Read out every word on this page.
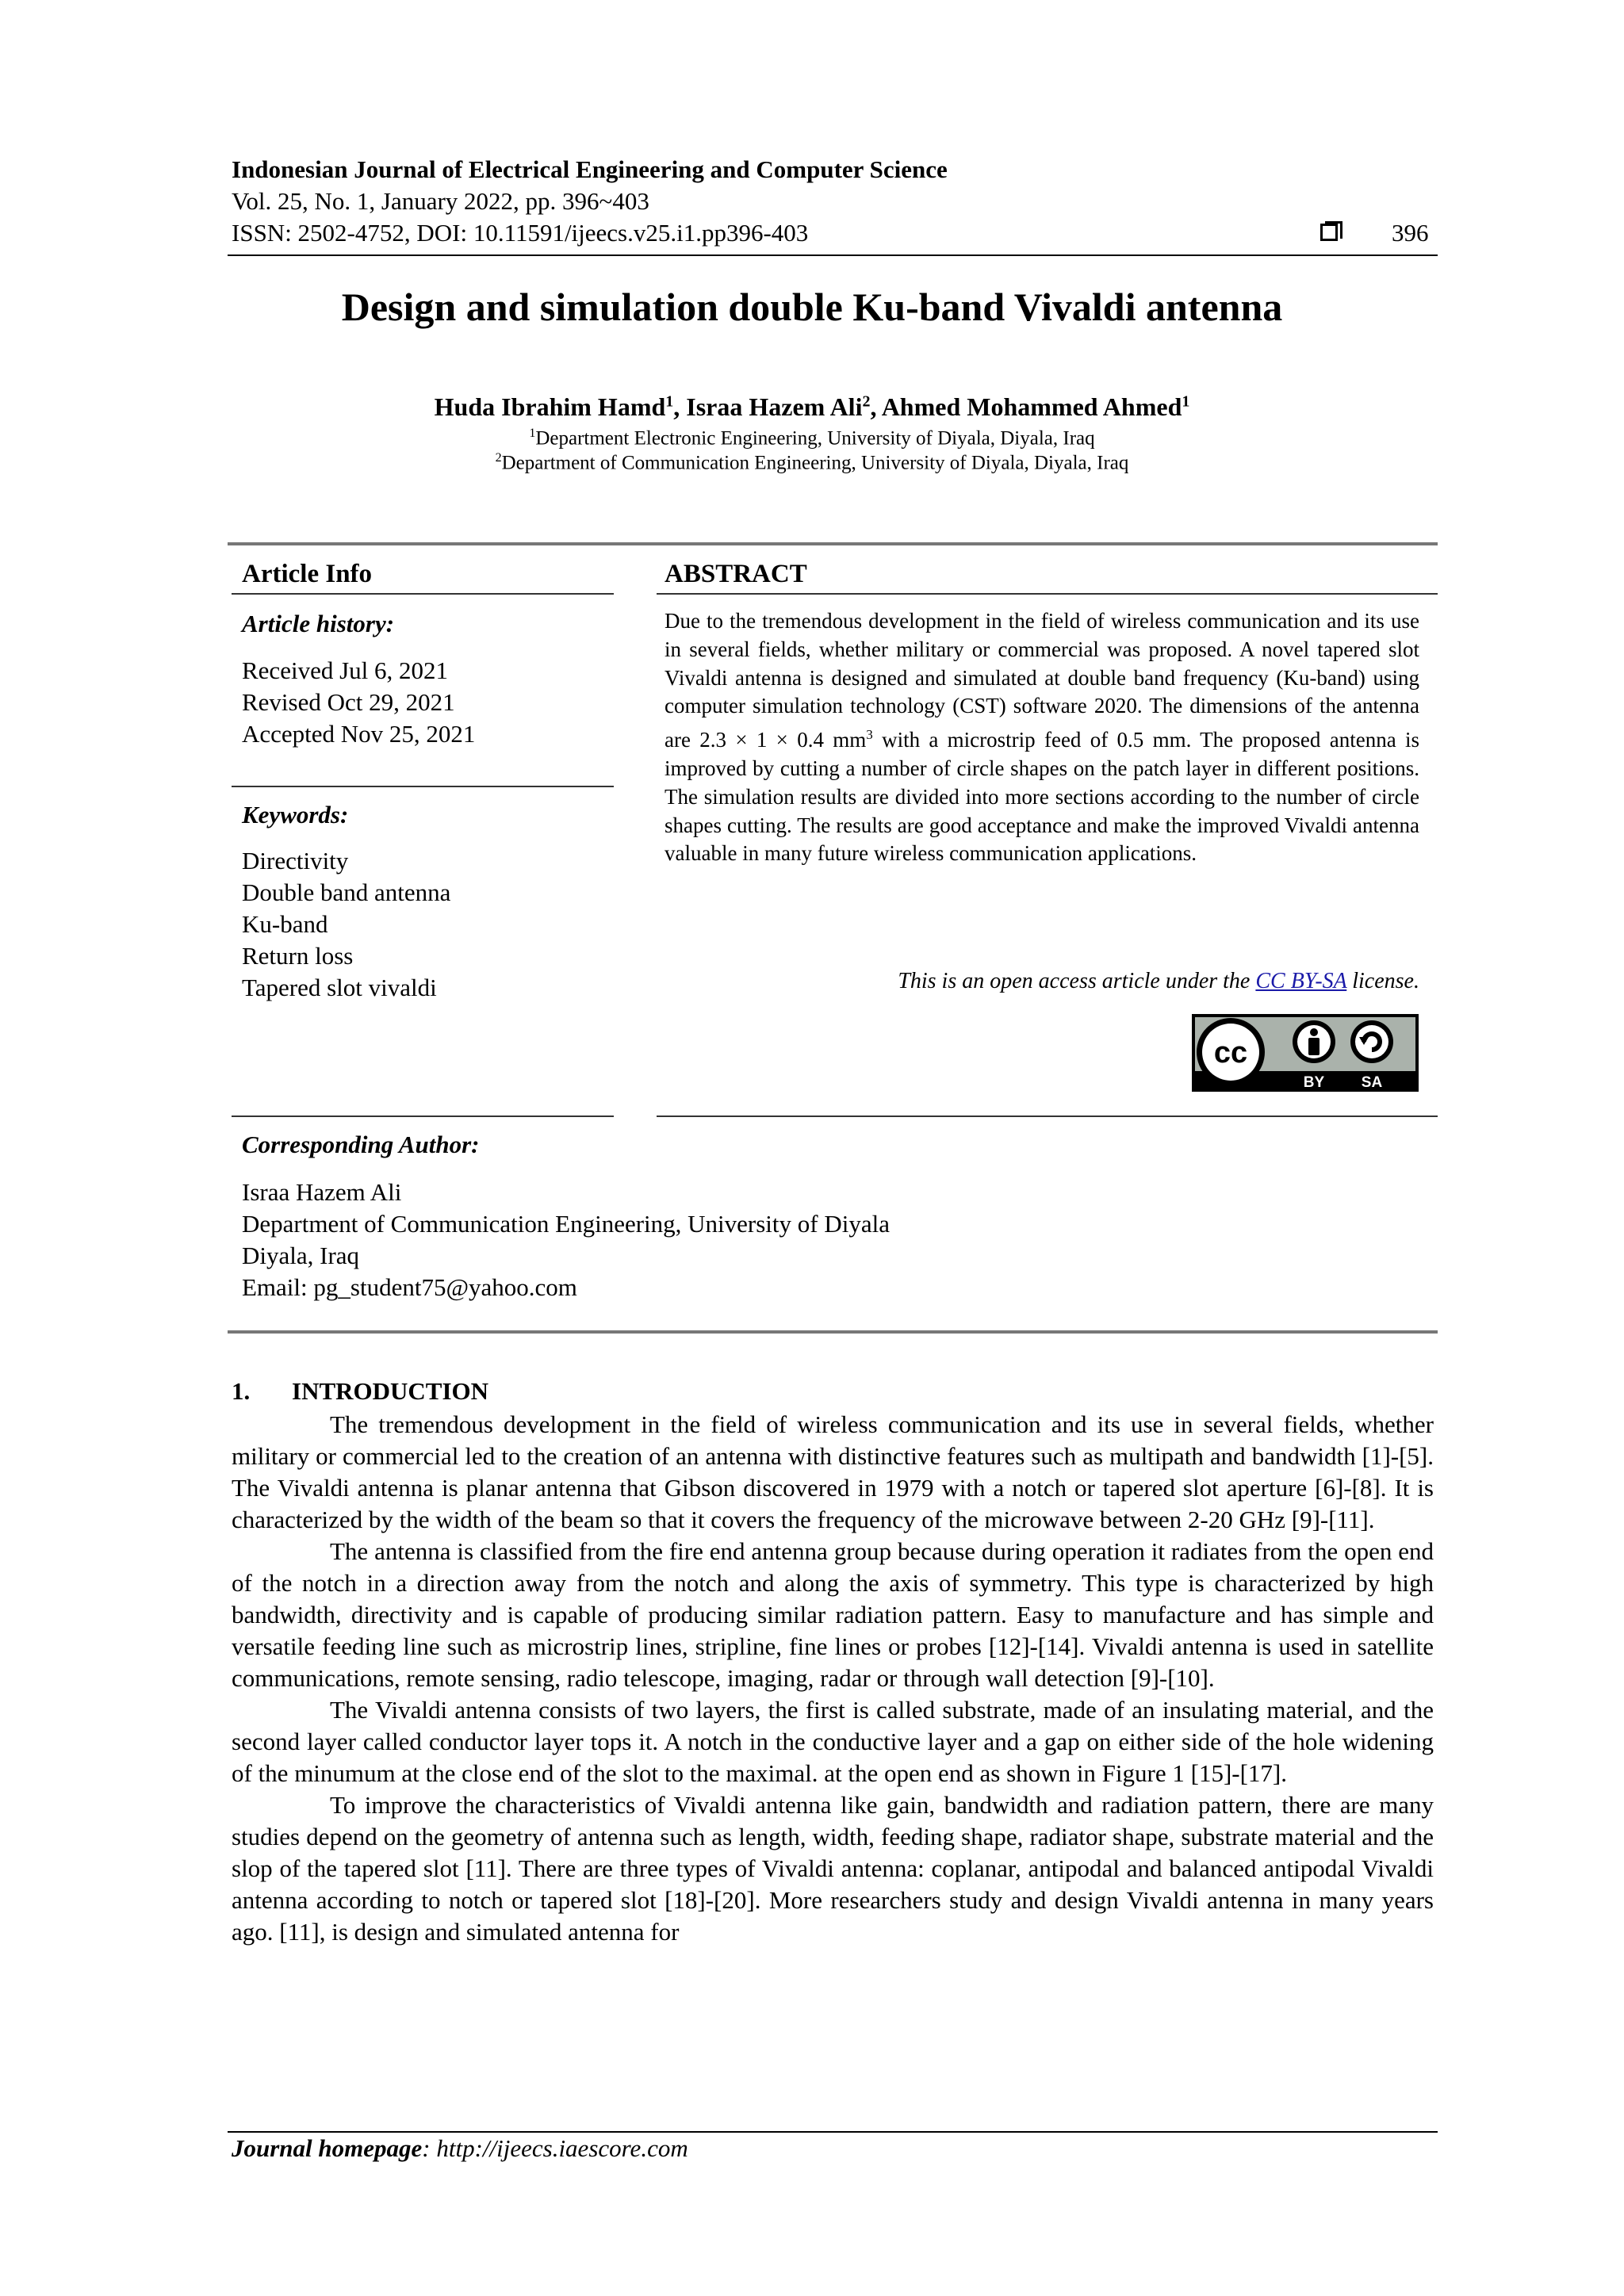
Indonesian Journal of Electrical Engineering and Computer Science
Vol. 25, No. 1, January 2022, pp. 396~403
ISSN: 2502-4752, DOI: 10.11591/ijeecs.v25.i1.pp396-403	396
Design and simulation double Ku-band Vivaldi antenna
Huda Ibrahim Hamd$^1$, Israa Hazem Ali$^2$, Ahmed Mohammed Ahmed$^1$
$^1$Department Electronic Engineering, University of Diyala, Diyala, Iraq
$^2$Department of Communication Engineering, University of Diyala, Diyala, Iraq
Article Info
Article history:
Received Jul 6, 2021
Revised Oct 29, 2021
Accepted Nov 25, 2021
Keywords:
Directivity
Double band antenna
Ku-band
Return loss
Tapered slot vivaldi
ABSTRACT
Due to the tremendous development in the field of wireless communication and its use in several fields, whether military or commercial was proposed. A novel tapered slot Vivaldi antenna is designed and simulated at double band frequency (Ku-band) using computer simulation technology (CST) software 2020. The dimensions of the antenna are 2.3 × 1 × 0.4 $mm^3$ with a microstrip feed of 0.5 mm. The proposed antenna is improved by cutting a number of circle shapes on the patch layer in different positions. The simulation results are divided into more sections according to the number of circle shapes cutting. The results are good acceptance and make the improved Vivaldi antenna valuable in many future wireless communication applications.
This is an open access article under the CC BY-SA license.
cc
BY SA
Corresponding Author:
Israa Hazem Ali
Department of Communication Engineering, University of Diyala
Diyala, Iraq
Email: pg_student75@yahoo.com
1. INTRODUCTION

The tremendous development in the field of wireless communication and its use in several fields, whether military or commercial led to the creation of an antenna with distinctive features such as multipath and bandwidth [1]-[5]. The Vivaldi antenna is planar antenna that Gibson discovered in 1979 with a notch or tapered slot aperture [6]-[8]. It is characterized by the width of the beam so that it covers the frequency of the microwave between 2-20 GHz [9]-[11].

The antenna is classified from the fire end antenna group because during operation it radiates from the open end of the notch in a direction away from the notch and along the axis of symmetry. This type is characterized by high bandwidth, directivity and is capable of producing similar radiation pattern. Easy to manufacture and has simple and versatile feeding line such as microstrip lines, stripline, fine lines or probes [12]-[14]. Vivaldi antenna is used in satellite communications, remote sensing, radio telescope, imaging, radar or through wall detection [9]-[10].

The Vivaldi antenna consists of two layers, the first is called substrate, made of an insulating material, and the second layer called conductor layer tops it. A notch in the conductive layer and a gap on either side of the hole widening of the minumum at the close end of the slot to the maximal. at the open end as shown in Figure 1 [15]-[17].

To improve the characteristics of Vivaldi antenna like gain, bandwidth and radiation pattern, there are many studies depend on the geometry of antenna such as length, width, feeding shape, radiator shape, substrate material and the slop of the tapered slot [11]. There are three types of Vivaldi antenna: coplanar, antipodal and balanced antipodal Vivaldi antenna according to notch or tapered slot [18]-[20]. More researchers study and design Vivaldi antenna in many years ago. [11], is design and simulated antenna for

Journal homepage: http://ijeecs.iaescore.com
